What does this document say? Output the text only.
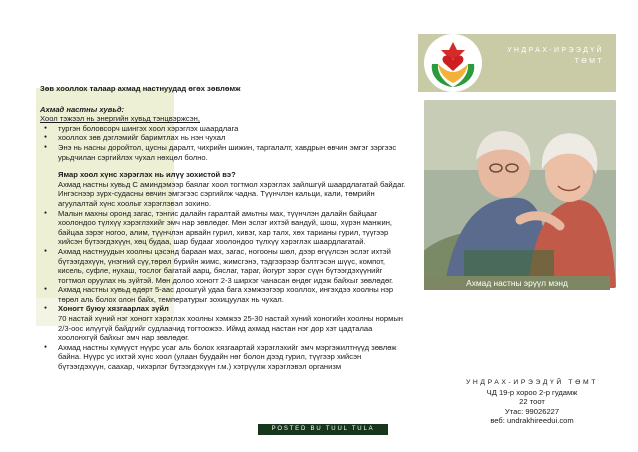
УНДРАХ-ИРЭЭДҮЙ
ТӨМТ

Зөв хооллох талаар ахмад настнуудад өгөх зөвлөмж

Ахмад настны хувьд:
Хоол тэжээл нь энергийн хувьд тэнцвэржсэн,

● тургэн боловсорч шингэх хоол хэрэглэх шаардлага

● хооллох зөв дэглэмийг баримтлах нь нэн чухал

● Энэ нь насны доройтол, цусны даралт, чихрийн шижин, таргалалт, хавдрын өвчин эмгэг зэргээс урьдчилан сэргийлэх чухал нөхцөл болно.

Ямар хоол хүнс хэрэглэх нь илүү зохистой вэ?

Ахмад настны хувьд С аминдэмээр баялаг хоол тогтмол хэрэглэх зайлшгүй шаардлагатай байдаг. Ингэснээр зүрх-судасны өвчин эмгэгээс сэргийлж чадна. Түүнчлэн кальци, кали, төмрийн агуулалтай хүнс хоолыг хэрэглэвэл зохино.

● Малын махны оронд загас, тэнгис далайн гаралтай амьтны мах, түүнчлэн далайн байцааг хоолондоо түлхүү хэрэглэхийг эмч нар зөвлөдөг. Мөн эслэг ихтэй вандуй, шош, хүрэн манжин, байцаа зэрэг ногоо, алим, түүнчлэн арвайн гурил, хивэг, хар талх, хөх тарианы гурил, түүгээр хийсэн бүтээгдэхүүн, хөц будаа, шар будааг хоолондоо түлхүү хэрэглэх шаардлагатай.

● Ахмад настнуудын хоолны цэсэнд бараан мах, загас, ногооны шөл, дээр өгүүлсэн эслэг ихтэй бүтээгдэхүүн, үнэгний сүү,төрөл бүрийн жимс, жимсгэнэ, тэдгээрээр бэлтгэсэн шүүс, компот, кисель, суфле, нухаш, тослог багатай аарц, бяслаг, тараг, йогурт зэрэг сүүн бүтээгдэхүүнийг тогтмол оруулах нь зүйтэй. Мөн долоо хоногт 2-3 ширхэг чанасан өндөг идэж байхыг зөвлөдөг.

● Ахмад настны хувьд өдөрт 5-аас доошгүй удаа бага хэмжээгээр хооллох, ингэхдээ хоолны нэр төрөл аль болох олон байх, температурыг зохицуулах нь чухал.

● Хоногт буюу хязгаарлах зүйл

70 настай хүний нэг хоногт хэрэглэх хоолны хэмжээ 25-30 настай хүний хоногийн хоолны нормын 2/3-оос илүүгүй байдгийг судлаачид тогтоожээ. Иймд ахмад настан нэг дор хэт цадталаа хоолонхгүй байхыг эмч нар зөвлөдөг.

● Ахмад настны хүмүүст нүүрс усаг аль болох хязгаартай хэрэглэхийг эмч мэргэжилтнүүд зөвлөж байна. Нүүрс ус ихтэй хүнс хоол (улаан буудайн нөг болон дээд гурил, түүгээр хийсэн бүтээгдэхүүн, саахар, чихэрлэг бүтээгдэхүүн г.м.) хэтрүүлж хэрэглэвэл организм

Ахмад настны эрүүл мэнд
УНДРАХ-ИРЭЭДҮЙ ТӨМТ
ЧД 19-р хороо 2-р гудамж
22 тоот
Утас: 99026227
веб: undrakhireedui.com
POSTED BU TUUL TULA
